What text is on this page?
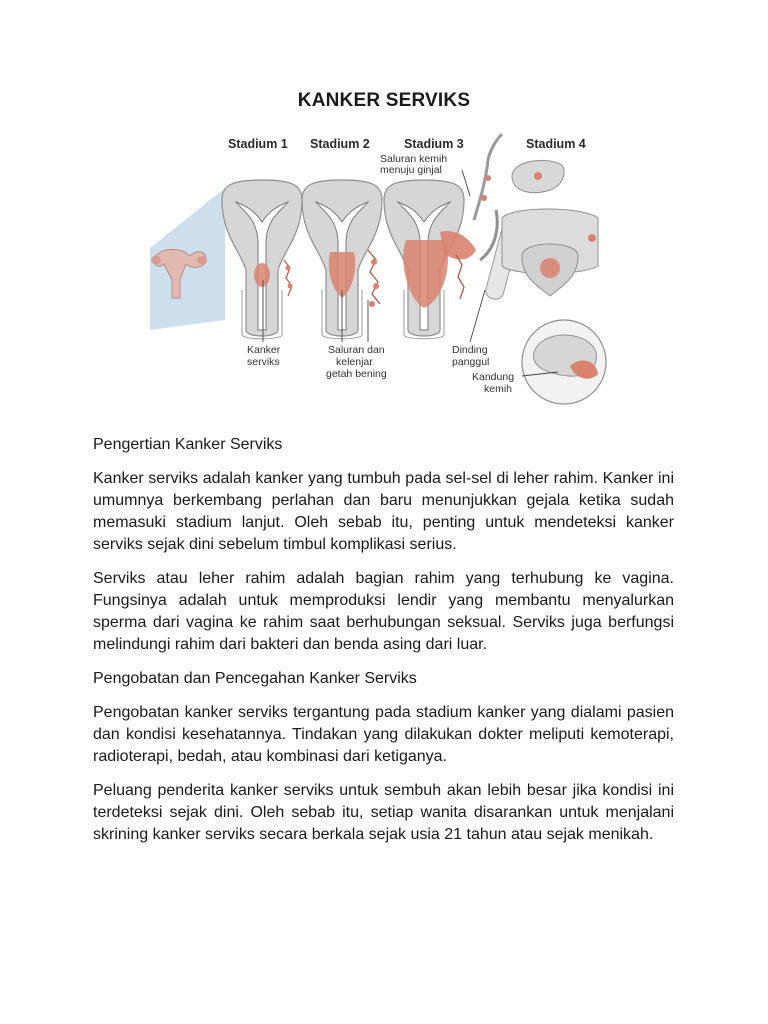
KANKER SERVIKS
Stadium 1 Stadium 2	Stadium 3	Stadium 4
Kanker
serviks
Saluran dan
kelenjar
getah bening
Saluran kemih
menuju ginjal
Dinding
panggul
Kandung
kemih

Pengertian Kanker Serviks

Kanker serviks adalah kanker yang tumbuh pada sel-sel di leher rahim. Kanker ini umumnya berkembang perlahan dan baru menunjukkan gejala ketika sudah memasuki stadium lanjut. Oleh sebab itu, penting untuk mendeteksi kanker serviks sejak dini sebelum timbul komplikasi serius.

Serviks atau leher rahim adalah bagian rahim yang terhubung ke vagina. Fungsinya adalah untuk memproduksi lendir yang membantu menyalurkan sperma dari vagina ke rahim saat berhubungan seksual. Serviks juga berfungsi melindungi rahim dari bakteri dan benda asing dari luar.

Pengobatan dan Pencegahan Kanker Serviks

Pengobatan kanker serviks tergantung pada stadium kanker yang dialami pasien dan kondisi kesehatannya. Tindakan yang dilakukan dokter meliputi kemoterapi, radioterapi, bedah, atau kombinasi dari ketiganya.

Peluang penderita kanker serviks untuk sembuh akan lebih besar jika kondisi ini terdeteksi sejak dini. Oleh sebab itu, setiap wanita disarankan untuk menjalani skrining kanker serviks secara berkala sejak usia 21 tahun atau sejak menikah.
